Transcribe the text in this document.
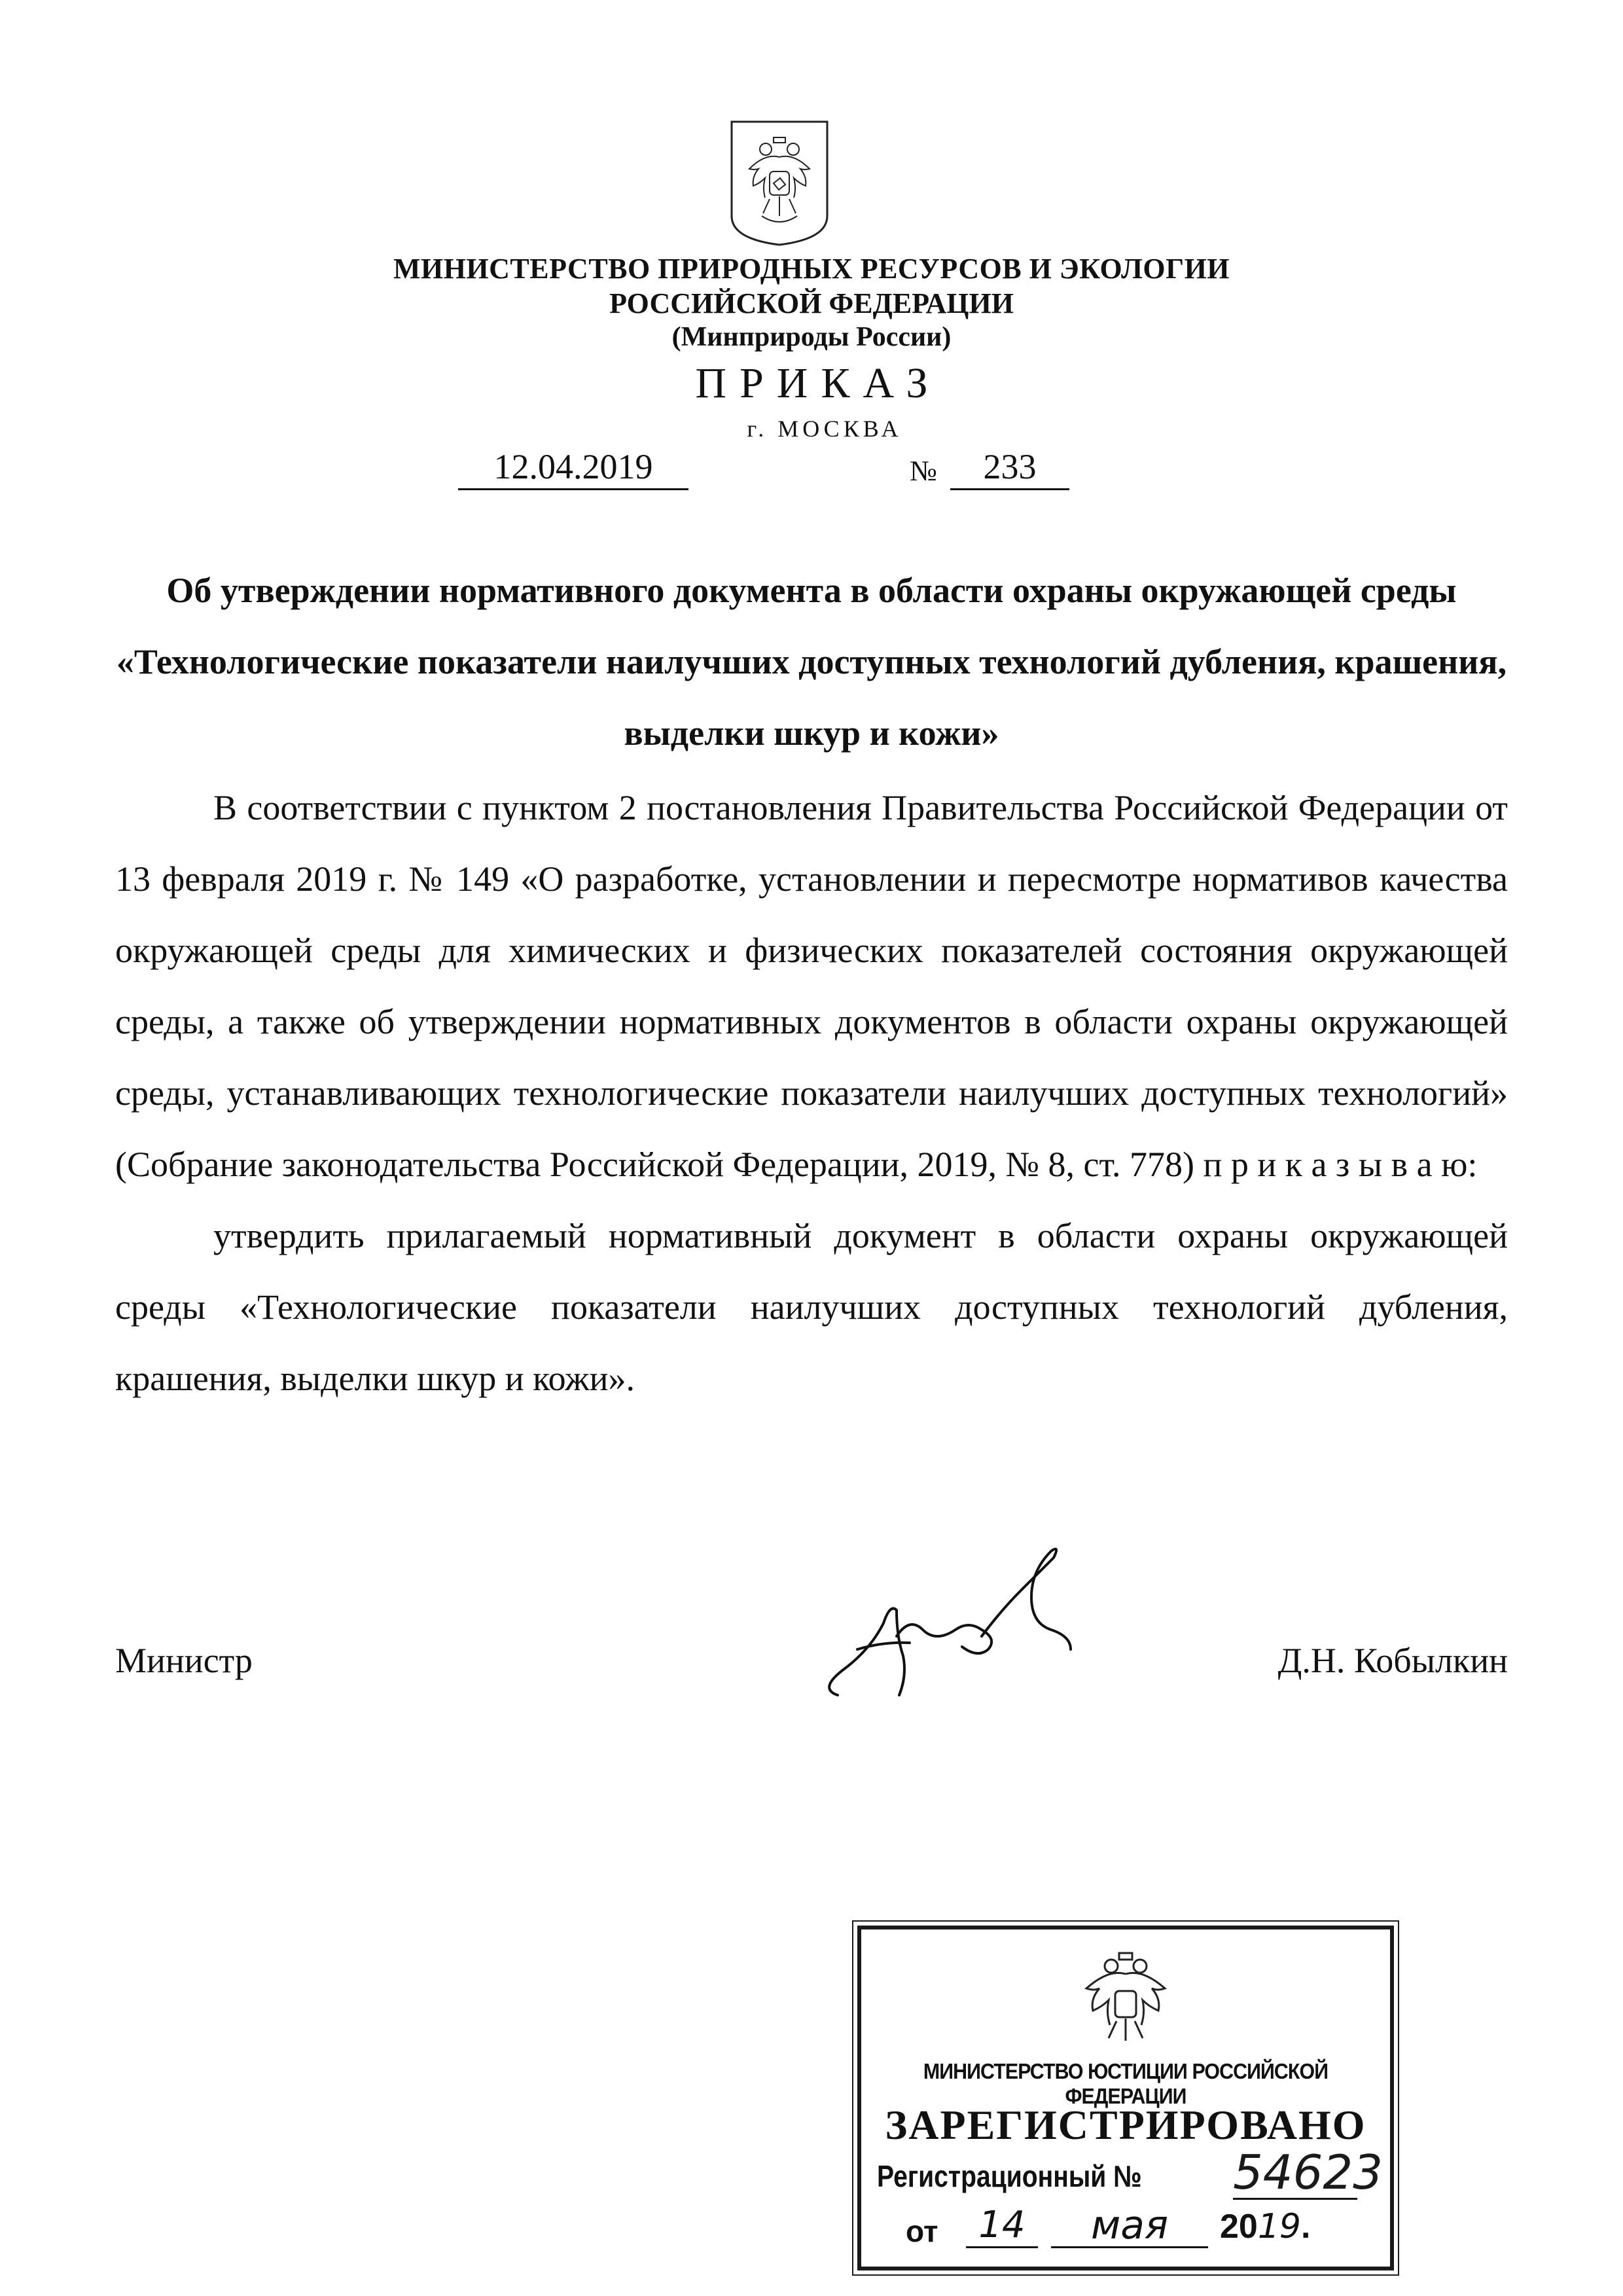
МИНИСТЕРСТВО ПРИРОДНЫХ РЕСУРСОВ И ЭКОЛОГИИ
РОССИЙСКОЙ ФЕДЕРАЦИИ
(Минприроды России)
ПРИКАЗ
г. МОСКВА
12.04.2019	№	233
Об утверждении нормативного документа в области охраны окружающей среды «Технологические показатели наилучших доступных технологий дубления, крашения, выделки шкур и кожи»
В соответствии с пунктом 2 постановления Правительства Российской Федерации от 13 февраля 2019 г. № 149 «О разработке, установлении и пересмотре нормативов качества окружающей среды для химических и физических показателей состояния окружающей среды, а также об утверждении нормативных документов в области охраны окружающей среды, устанавливающих технологические показатели наилучших доступных технологий» (Собрание законодательства Российской Федерации, 2019, № 8, ст. 778) п р и к а з ы в а ю:
утвердить прилагаемый нормативный документ в области охраны окружающей среды «Технологические показатели наилучших доступных технологий дубления, крашения, выделки шкур и кожи».
Министр	Д.Н. Кобылкин
МИНИСТЕРСТВО ЮСТИЦИИ РОССИЙСКОЙ ФЕДЕРАЦИИ
ЗАРЕГИСТРИРОВАНО
Регистрационный № 54623
от	14	мая	2019.
